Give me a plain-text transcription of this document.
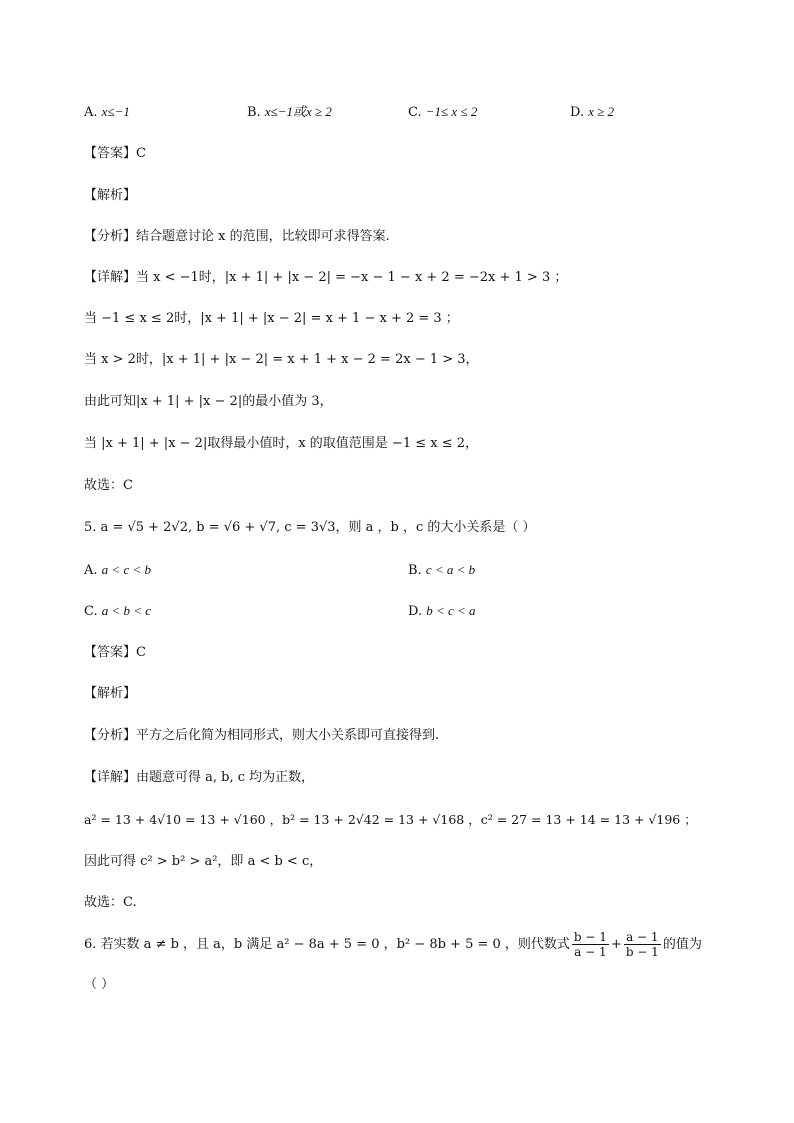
A. x≤−1	B. x≤−1或x ≥ 2	C. −1≤ x ≤ 2	D. x ≥ 2
【答案】C
【解析】
【分析】结合题意讨论 x 的范围，比较即可求得答案.
【详解】当 x < −1时，|x + 1| + |x − 2| = −x − 1 − x + 2 = −2x + 1 > 3 ；
当 −1 ≤ x ≤ 2时，|x + 1| + |x − 2| = x + 1 − x + 2 = 3 ；
当 x > 2时，|x + 1| + |x − 2| = x + 1 + x − 2 = 2x − 1 > 3，
由此可知|x + 1| + |x − 2|的最小值为 3，
当 |x + 1| + |x − 2|取得最小值时，x 的取值范围是 −1 ≤ x ≤ 2，
故选：C
5. a = √5 + 2√2, b = √6 + √7, c = 3√3，则 a ，b ，c 的大小关系是（ ）
A. a < c < b	B. c < a < b
C. a < b < c	D. b < c < a
【答案】C
【解析】
【分析】平方之后化简为相同形式，则大小关系即可直接得到.
【详解】由题意可得 a, b, c 均为正数，
a² = 13 + 4√10 = 13 + √160 ，b² = 13 + 2√42 = 13 + √168 ，c² = 27 = 13 + 14 = 13 + √196 ；
因此可得 c² > b² > a²，即 a < b < c，
故选：C.
6. 若实数 a ≠ b ，且 a，b 满足 a² − 8a + 5 = 0 ，b² − 8b + 5 = 0 ，则代数式 $\frac{b - 1}{a - 1} + \frac{a - 1}{b - 1}$ 的值为
（ ）
